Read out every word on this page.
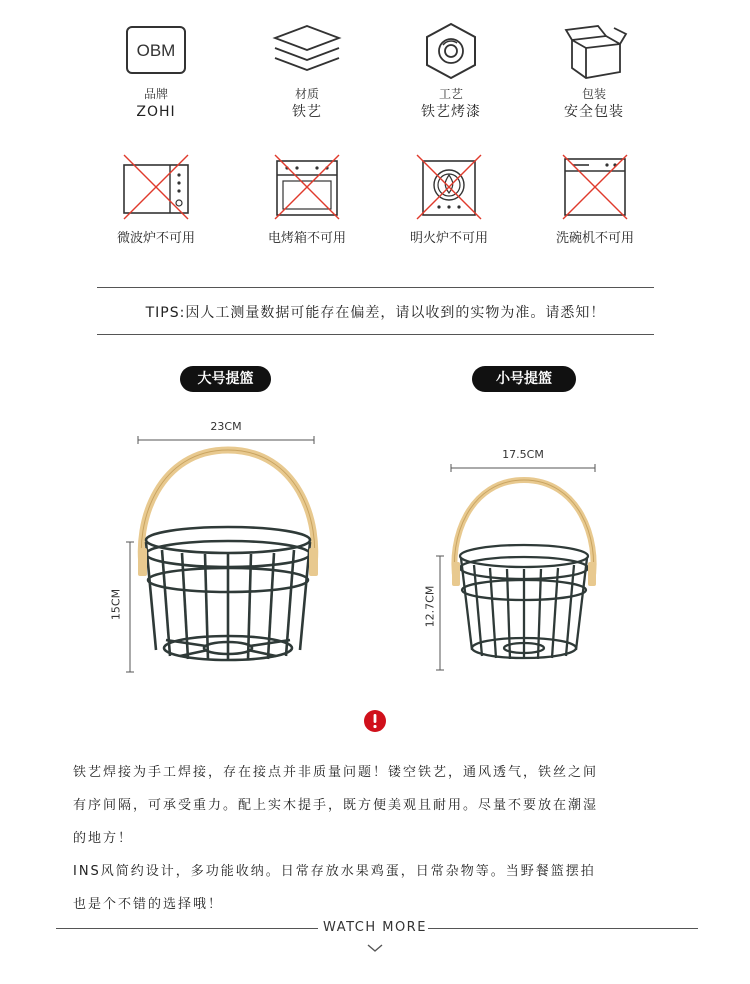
OBM
品牌
ZOHI
材质
铁艺
工艺
铁艺烤漆
包装
安全包装
微波炉不可用	电烤箱不可用	明火炉不可用	洗碗机不可用
TIPS:因人工测量数据可能存在偏差，请以收到的实物为准。请悉知！
大号提篮	小号提篮
23CM
15CM
17.5CM
12.7CM
铁艺焊接为手工焊接，存在接点并非质量问题！镂空铁艺，通风透气，铁丝之间
有序间隔，可承受重力。配上实木提手，既方便美观且耐用。尽量不要放在潮湿
的地方！
INS风简约设计，多功能收纳。日常存放水果鸡蛋，日常杂物等。当野餐篮摆拍
也是个不错的选择哦！
WATCH MORE
